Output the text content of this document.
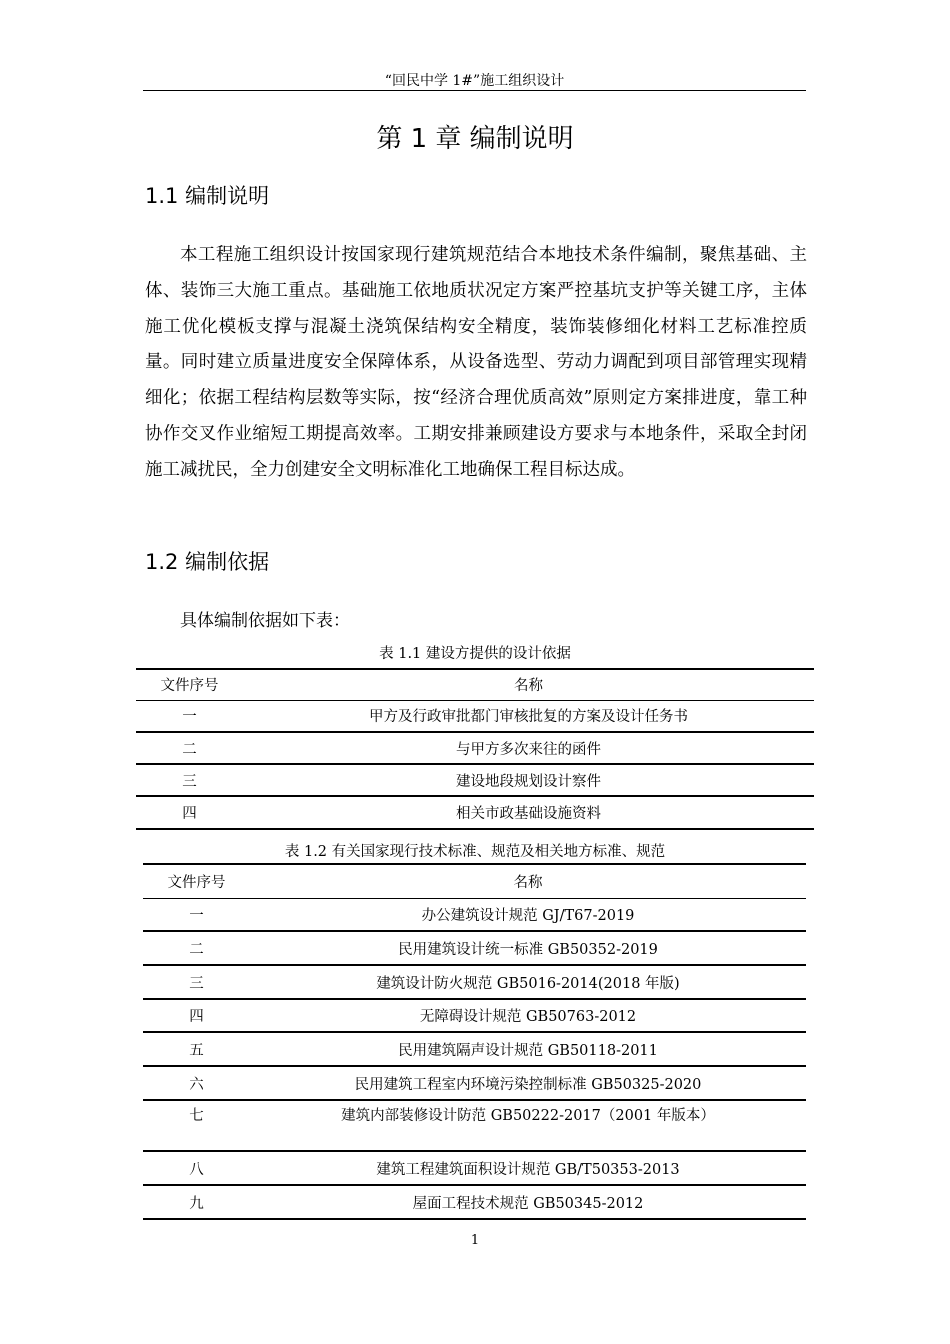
“回民中学 1#”施工组织设计
第 1 章 编制说明
1.1 编制说明

本工程施工组织设计按国家现行建筑规范结合本地技术条件编制，聚焦基础、主体、装饰三大施工重点。基础施工依地质状况定方案严控基坑支护等关键工序，主体施工优化模板支撑与混凝土浇筑保结构安全精度，装饰装修细化材料工艺标准控质量。同时建立质量进度安全保障体系，从设备选型、劳动力调配到项目部管理实现精细化；依据工程结构层数等实际，按“经济合理优质高效”原则定方案排进度，靠工种协作交叉作业缩短工期提高效率。工期安排兼顾建设方要求与本地条件，采取全封闭施工减扰民，全力创建安全文明标准化工地确保工程目标达成。

1.2 编制依据
具体编制依据如下表：
表 1.1 建设方提供的设计依据
文件序号	名称
一	甲方及行政审批都门审核批复的方案及设计任务书
二	与甲方多次来往的函件
三	建设地段规划设计察件
四	相关市政基础设施资料
表 1.2 有关国家现行技术标准、规范及相关地方标准、规范
文件序号	名称
一	办公建筑设计规范 GJ/T67-2019
二	民用建筑设计统一标准 GB50352-2019
三	建筑设计防火规范 GB5016-2014(2018 年版)
四	无障碍设计规范 GB50763-2012
五	民用建筑隔声设计规范 GB50118-2011
六	民用建筑工程室内环境污染控制标准 GB50325-2020
七	建筑内部装修设计防范 GB50222-2017（2001 年版本）
八	建筑工程建筑面积设计规范 GB/T50353-2013
九	屋面工程技术规范 GB50345-2012
1
